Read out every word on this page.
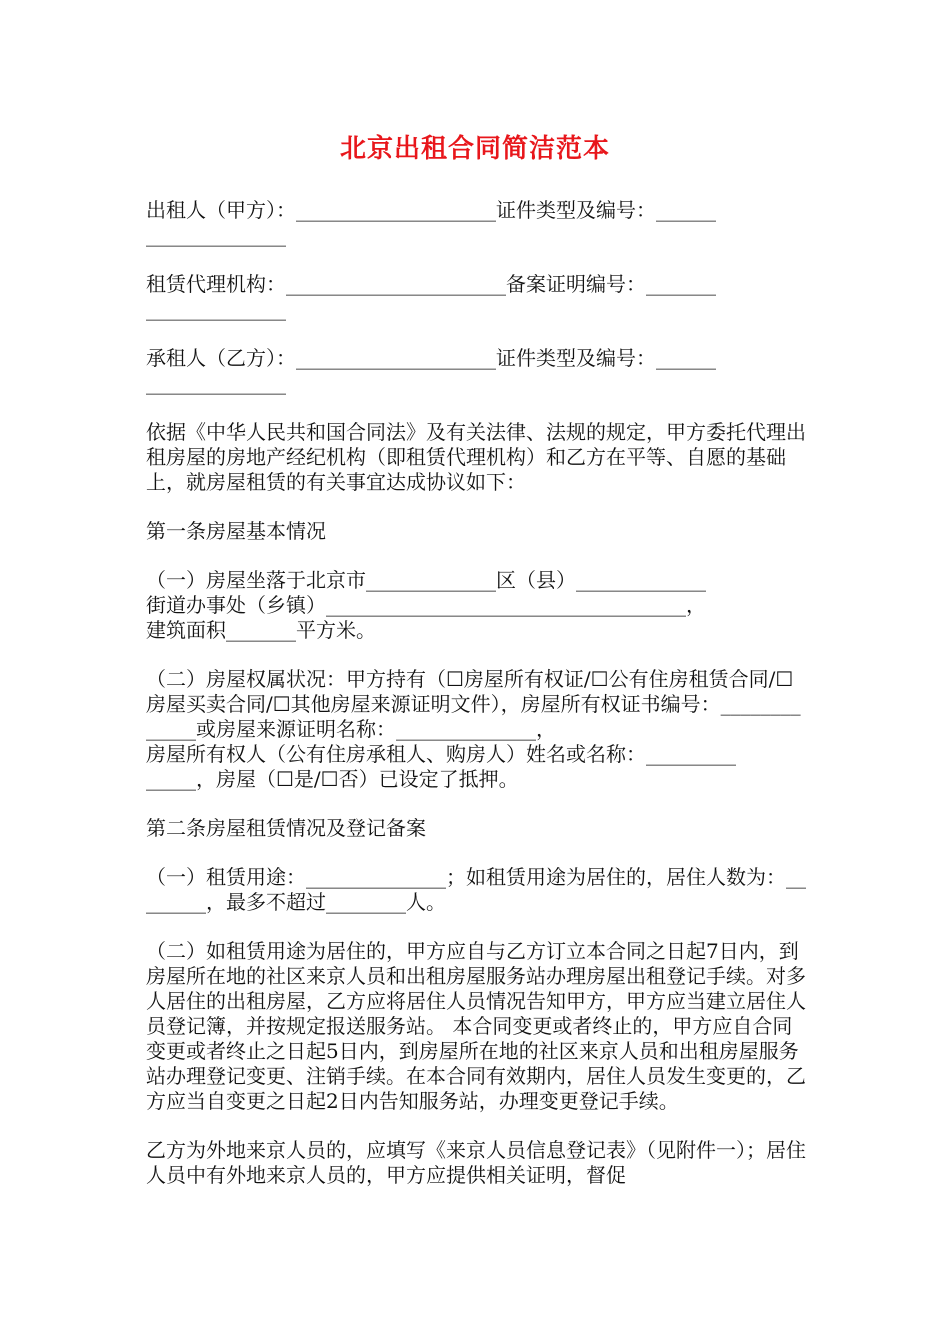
北京出租合同简洁范本

出租人（甲方）：____________________证件类型及编号：______
______________

租赁代理机构：______________________备案证明编号：_______
______________

承租人（乙方）：____________________证件类型及编号：______
______________

依据《中华人民共和国合同法》及有关法律、法规的规定，甲方委托代理出租房屋的房地产经纪机构（即租赁代理机构）和乙方在平等、自愿的基础上，就房屋租赁的有关事宜达成协议如下：

第一条房屋基本情况

（一）房屋坐落于北京市_____________区（县）_____________
街道办事处（乡镇）____________________________________，
建筑面积_______平方米。

（二）房屋权属状况：甲方持有（☐房屋所有权证/☐公有住房租赁合同/☐房屋买卖合同/☐其他房屋来源证明文件），房屋所有权证书编号：_____________或房屋来源证明名称：______________，
房屋所有权人（公有住房承租人、购房人）姓名或名称：_________
_____，房屋（☐是/☐否）已设定了抵押。

第二条房屋租赁情况及登记备案

（一）租赁用途：______________；如租赁用途为居住的，居住人数为：________，最多不超过________人。

（二）如租赁用途为居住的，甲方应自与乙方订立本合同之日起7日内，到房屋所在地的社区来京人员和出租房屋服务站办理房屋出租登记手续。对多人居住的出租房屋，乙方应将居住人员情况告知甲方，甲方应当建立居住人员登记簿，并按规定报送服务站。 本合同变更或者终止的，甲方应自合同变更或者终止之日起5日内，到房屋所在地的社区来京人员和出租房屋服务站办理登记变更、注销手续。在本合同有效期内，居住人员发生变更的，乙方应当自变更之日起2日内告知服务站，办理变更登记手续。

乙方为外地来京人员的，应填写《来京人员信息登记表》（见附件一）；居住人员中有外地来京人员的，甲方应提供相关证明，督促
